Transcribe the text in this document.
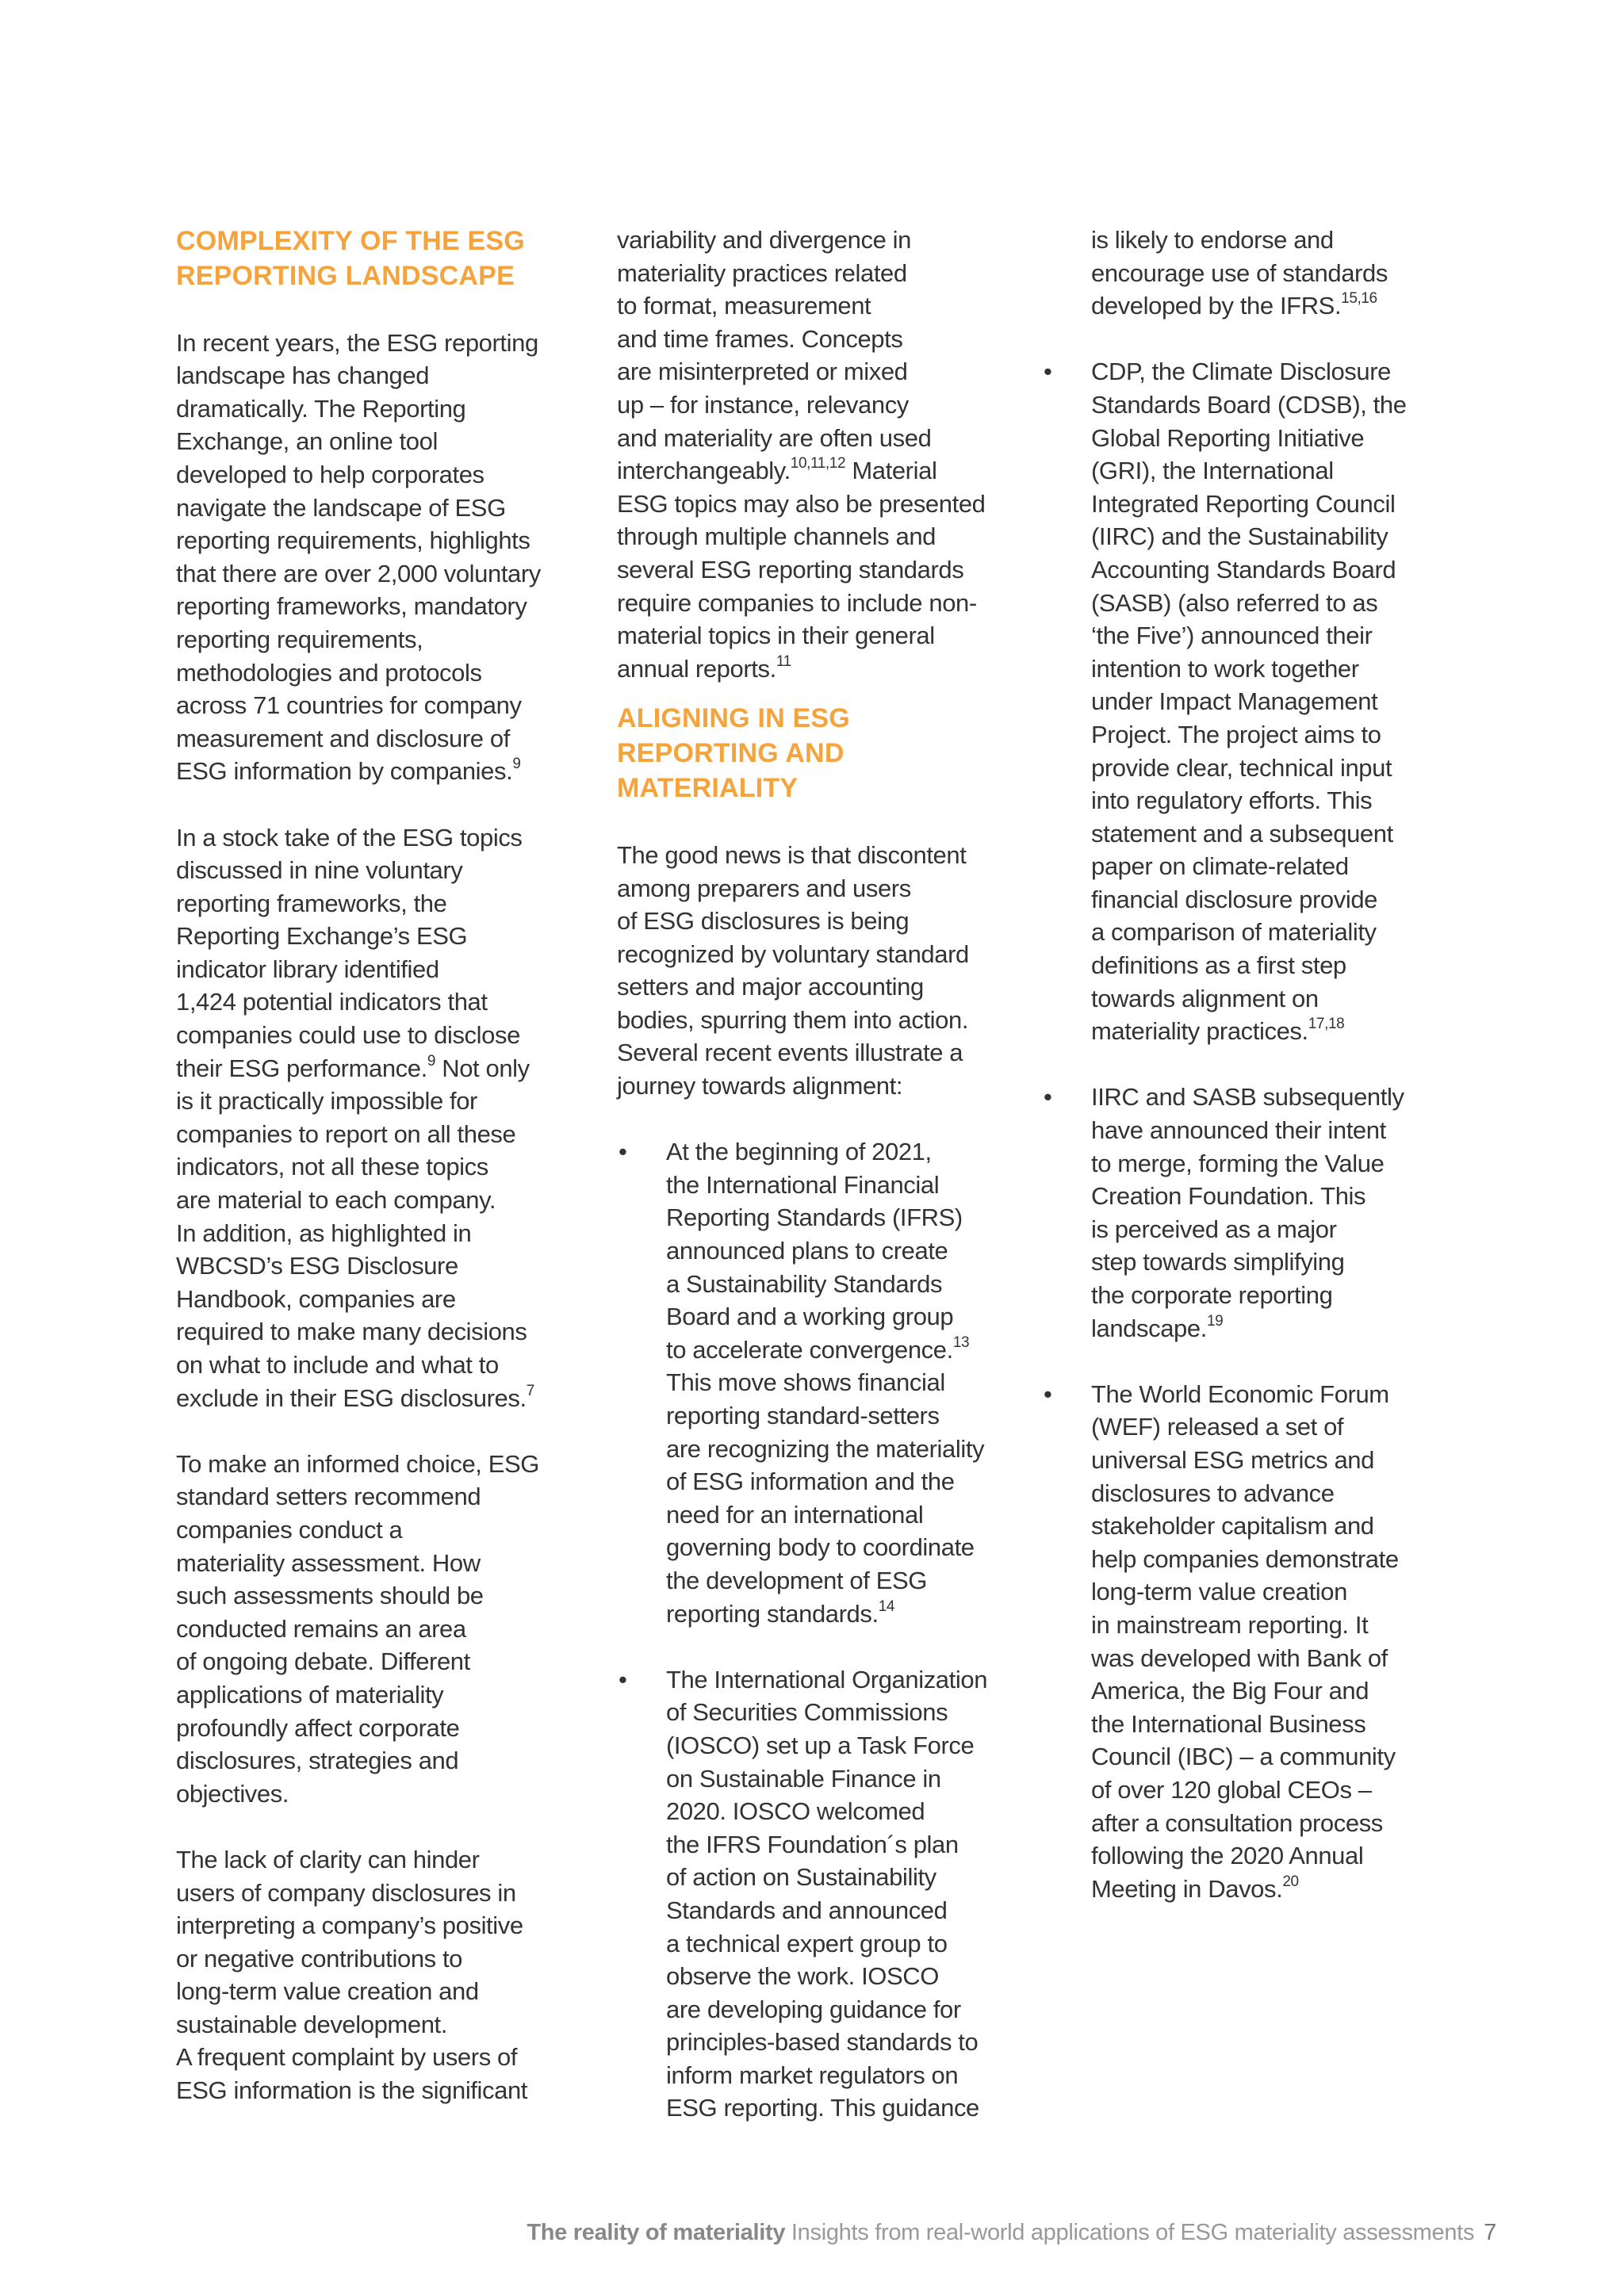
COMPLEXITY OF THE ESG
REPORTING LANDSCAPE

In recent years, the ESG reporting
landscape has changed
dramatically. The Reporting
Exchange, an online tool
developed to help corporates
navigate the landscape of ESG
reporting requirements, highlights
that there are over 2,000 voluntary
reporting frameworks, mandatory
reporting requirements,
methodologies and protocols
across 71 countries for company
measurement and disclosure of
ESG information by companies.$^9$

In a stock take of the ESG topics
discussed in nine voluntary
reporting frameworks, the
Reporting Exchange’s ESG
indicator library identified
1,424 potential indicators that
companies could use to disclose
their ESG performance.$^9$ Not only
is it practically impossible for
companies to report on all these
indicators, not all these topics
are material to each company.
In addition, as highlighted in
WBCSD’s ESG Disclosure
Handbook, companies are
required to make many decisions
on what to include and what to
exclude in their ESG disclosures.$^7$

To make an informed choice, ESG
standard setters recommend
companies conduct a
materiality assessment. How
such assessments should be
conducted remains an area
of ongoing debate. Different
applications of materiality
profoundly affect corporate
disclosures, strategies and
objectives.

The lack of clarity can hinder
users of company disclosures in
interpreting a company’s positive
or negative contributions to
long-term value creation and
sustainable development.
A frequent complaint by users of
ESG information is the significant

variability and divergence in
materiality practices related
to format, measurement
and time frames. Concepts
are misinterpreted or mixed
up – for instance, relevancy
and materiality are often used
interchangeably.$^{10,11,12}$ Material
ESG topics may also be presented
through multiple channels and
several ESG reporting standards
require companies to include non-
material topics in their general
annual reports.$^{11}$

ALIGNING IN ESG
REPORTING AND
MATERIALITY

The good news is that discontent
among preparers and users
of ESG disclosures is being
recognized by voluntary standard
setters and major accounting
bodies, spurring them into action.
Several recent events illustrate a
journey towards alignment:

• At the beginning of 2021,
the International Financial
Reporting Standards (IFRS)
announced plans to create
a Sustainability Standards
Board and a working group
to accelerate convergence.$^{13}$
This move shows financial
reporting standard-setters
are recognizing the materiality
of ESG information and the
need for an international
governing body to coordinate
the development of ESG
reporting standards.$^{14}$

• The International Organization
of Securities Commissions
(IOSCO) set up a Task Force
on Sustainable Finance in
2020. IOSCO welcomed
the IFRS Foundation´s plan
of action on Sustainability
Standards and announced
a technical expert group to
observe the work. IOSCO
are developing guidance for
principles-based standards to
inform market regulators on
ESG reporting. This guidance

is likely to endorse and
encourage use of standards
developed by the IFRS.$^{15,16}$

• CDP, the Climate Disclosure
Standards Board (CDSB), the
Global Reporting Initiative
(GRI), the International
Integrated Reporting Council
(IIRC) and the Sustainability
Accounting Standards Board
(SASB) (also referred to as
‘the Five’) announced their
intention to work together
under Impact Management
Project. The project aims to
provide clear, technical input
into regulatory efforts. This
statement and a subsequent
paper on climate-related
financial disclosure provide
a comparison of materiality
definitions as a first step
towards alignment on
materiality practices.$^{17,18}$

• IIRC and SASB subsequently
have announced their intent
to merge, forming the Value
Creation Foundation. This
is perceived as a major
step towards simplifying
the corporate reporting
landscape.$^{19}$

• The World Economic Forum
(WEF) released a set of
universal ESG metrics and
disclosures to advance
stakeholder capitalism and
help companies demonstrate
long-term value creation
in mainstream reporting. It
was developed with Bank of
America, the Big Four and
the International Business
Council (IBC) – a community
of over 120 global CEOs –
after a consultation process
following the 2020 Annual
Meeting in Davos.$^{20}$

The reality of materiality Insights from real-world applications of ESG materiality assessments 7
